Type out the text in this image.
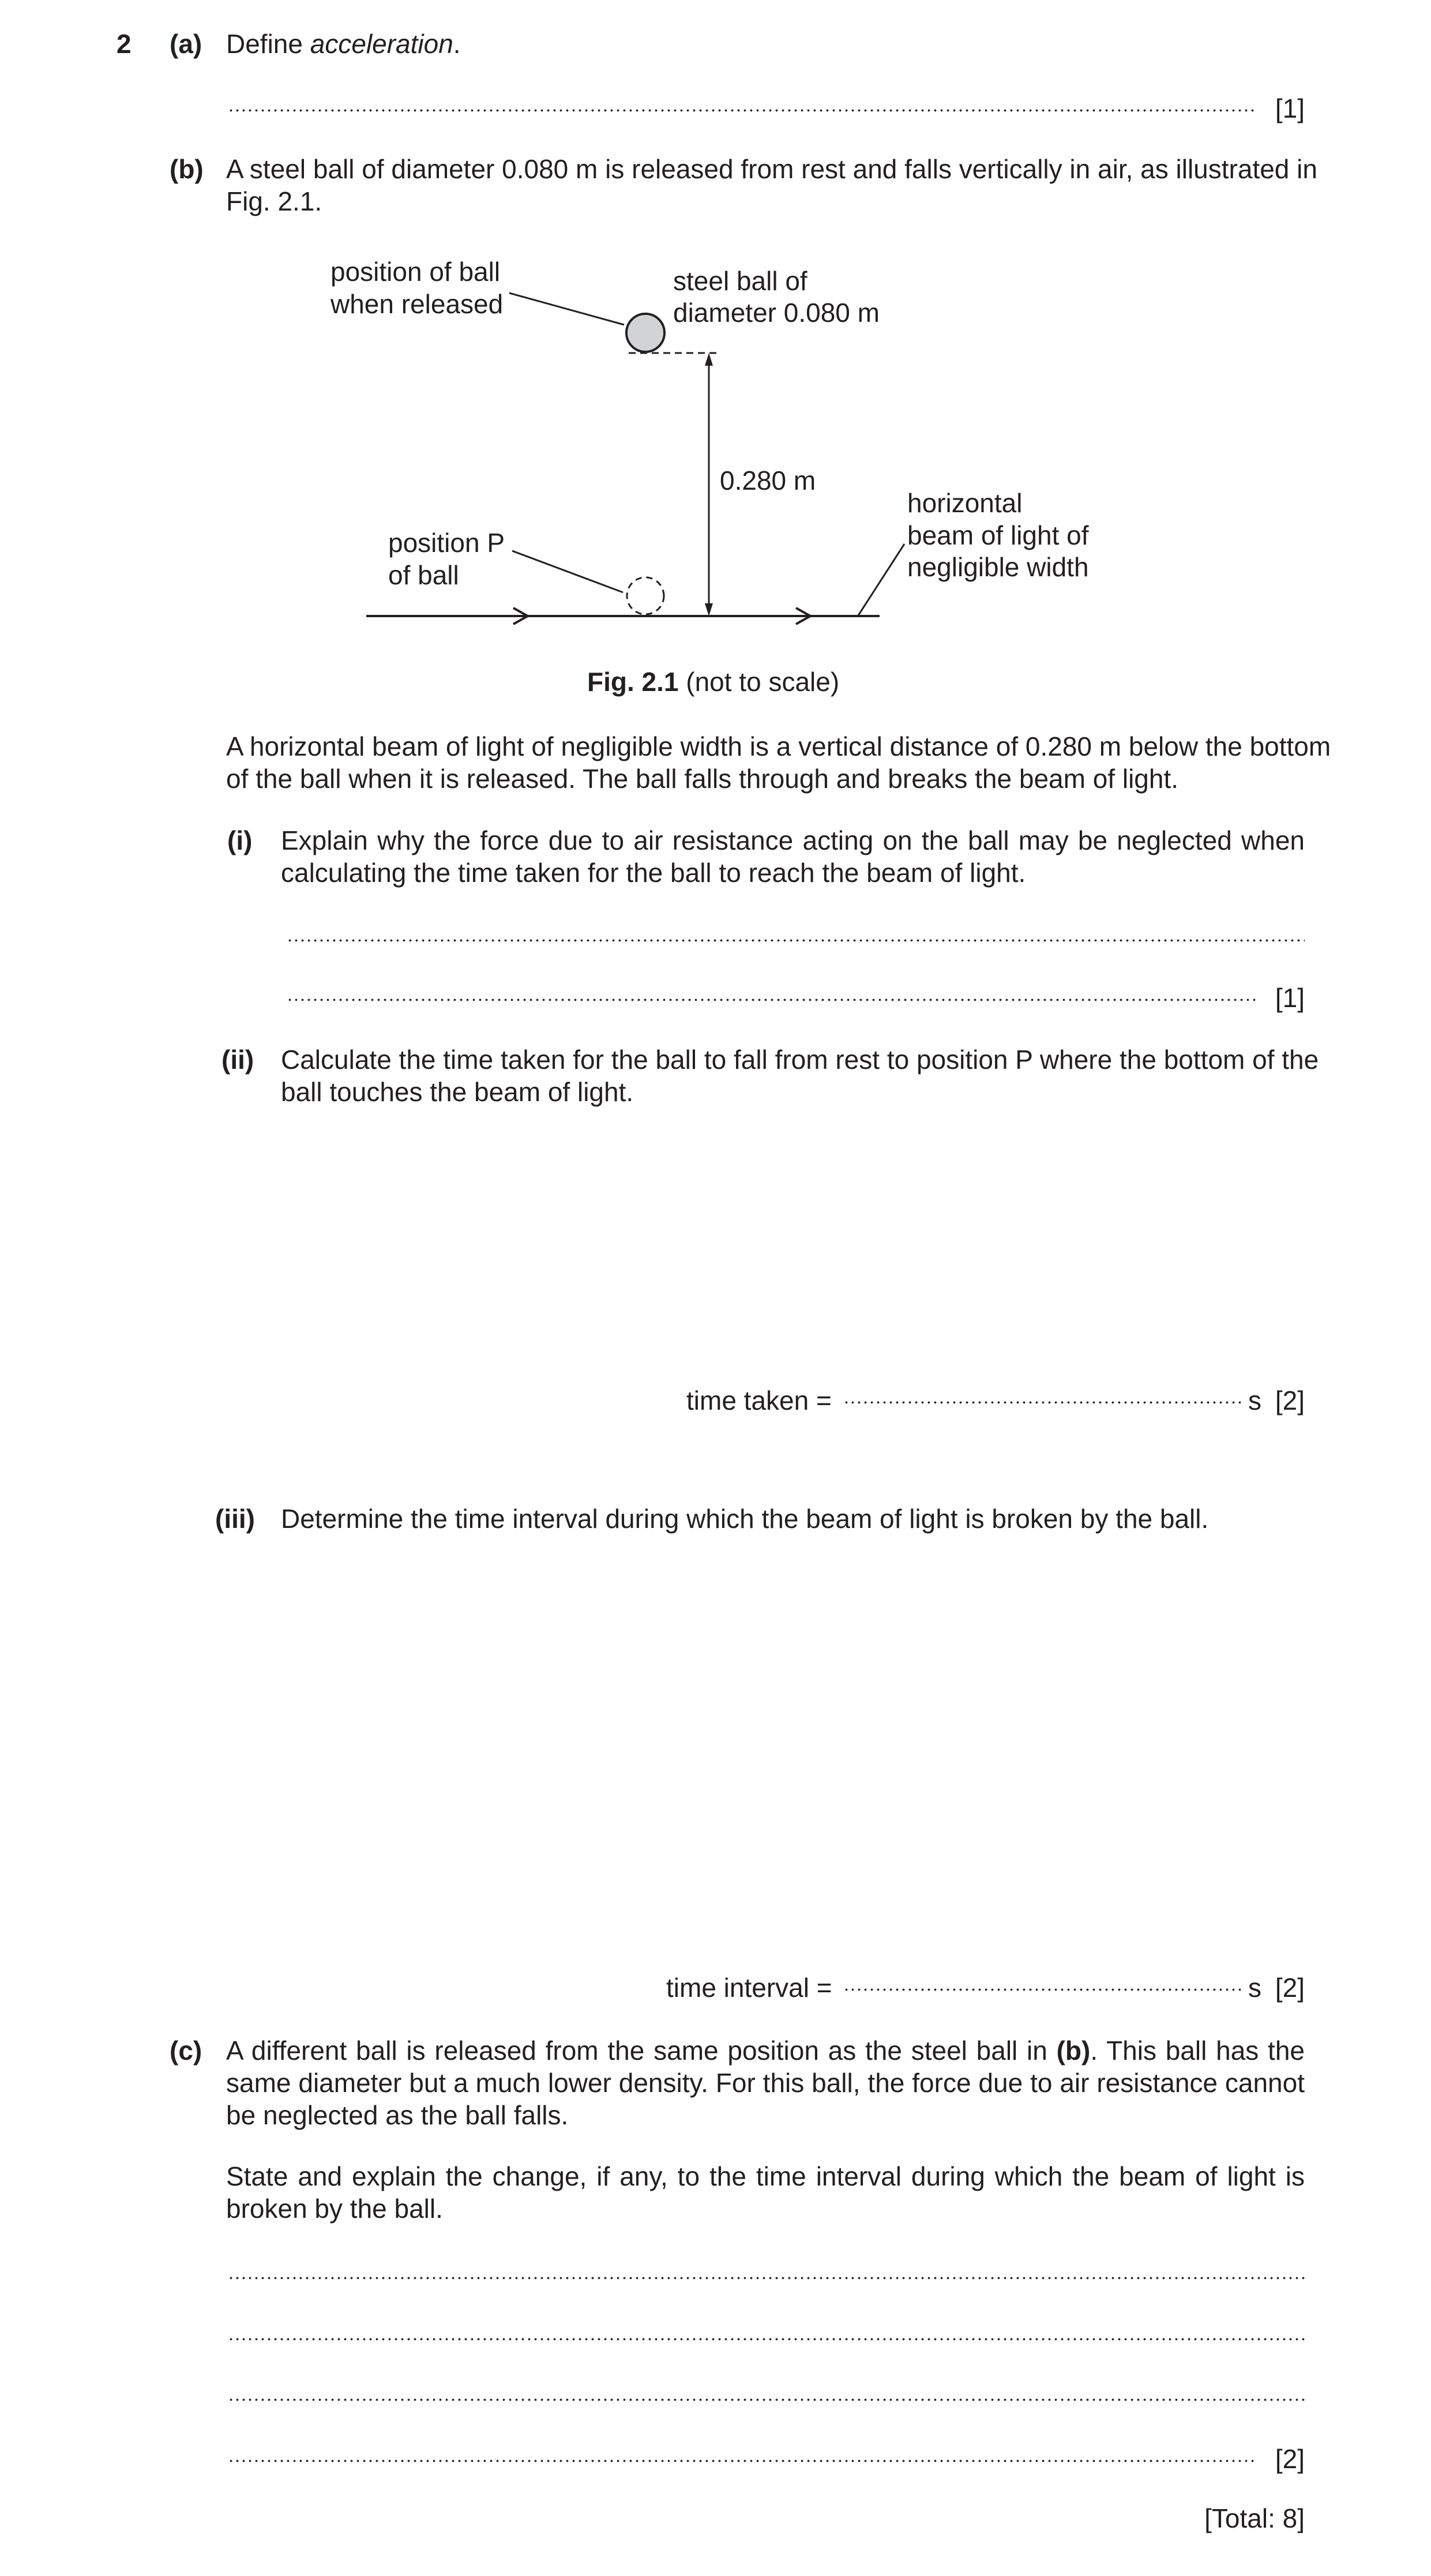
2 (a) Define acceleration.
[1]
(b) A steel ball of diameter 0.080 m is released from rest and falls vertically in air, as illustrated in
Fig. 2.1.
position of ball
when released
steel ball of
diameter 0.080 m
0.280 m
position P
of ball
horizontal
beam of light of
negligible width
Fig. 2.1 (not to scale)
A horizontal beam of light of negligible width is a vertical distance of 0.280 m below the bottom
of the ball when it is released. The ball falls through and breaks the beam of light.
(i) Explain why the force due to air resistance acting on the ball may be neglected when
calculating the time taken for the ball to reach the beam of light.
[1]
(ii) Calculate the time taken for the ball to fall from rest to position P where the bottom of the
ball touches the beam of light.
time taken =	s [2]
(iii) Determine the time interval during which the beam of light is broken by the ball.
time interval =	s [2]
(c) A different ball is released from the same position as the steel ball in (b). This ball has the
same diameter but a much lower density. For this ball, the force due to air resistance cannot
be neglected as the ball falls.
State and explain the change, if any, to the time interval during which the beam of light is
broken by the ball.
[2]
[Total: 8]
